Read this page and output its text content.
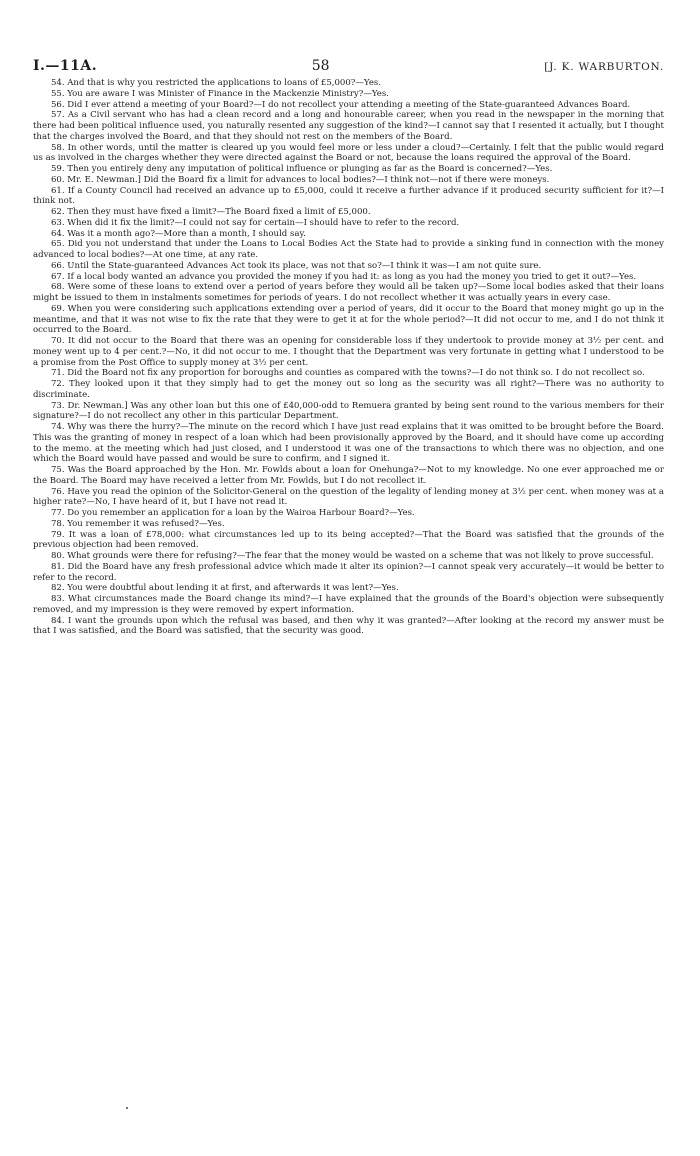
I.—11A.	58	[J. K. WARBURTON.

54. And that is why you restricted the applications to loans of £5,000?—Yes.

55. You are aware I was Minister of Finance in the Mackenzie Ministry?—Yes.

56. Did I ever attend a meeting of your Board?—I do not recollect your attending a meeting of the State-guaranteed Advances Board.

57. As a Civil servant who has had a clean record and a long and honourable career, when you read in the newspaper in the morning that there had been political influence used, you naturally resented any suggestion of the kind?—I cannot say that I resented it actually, but I thought that the charges involved the Board, and that they should not rest on the members of the Board.

58. In other words, until the matter is cleared up you would feel more or less under a cloud?—Certainly. I felt that the public would regard us as involved in the charges whether they were directed against the Board or not, because the loans required the approval of the Board.

59. Then you entirely deny any imputation of political influence or plunging as far as the Board is concerned?—Yes.

60. Mr. E. Newman.] Did the Board fix a limit for advances to local bodies?—I think not—not if there were moneys.

61. If a County Council had received an advance up to £5,000, could it receive a further advance if it produced security sufficient for it?—I think not.

62. Then they must have fixed a limit?—The Board fixed a limit of £5,000.

63. When did it fix the limit?—I could not say for certain—I should have to refer to the record.

64. Was it a month ago?—More than a month, I should say.

65. Did you not understand that under the Loans to Local Bodies Act the State had to provide a sinking fund in connection with the money advanced to local bodies?—At one time, at any rate.

66. Until the State-guaranteed Advances Act took its place, was not that so?—I think it was—I am not quite sure.

67. If a local body wanted an advance you provided the money if you had it: as long as you had the money you tried to get it out?—Yes.

68. Were some of these loans to extend over a period of years before they would all be taken up?—Some local bodies asked that their loans might be issued to them in instalments sometimes for periods of years. I do not recollect whether it was actually years in every case.

69. When you were considering such applications extending over a period of years, did it occur to the Board that money might go up in the meantime, and that it was not wise to fix the rate that they were to get it at for the whole period?—It did not occur to me, and I do not think it occurred to the Board.

70. It did not occur to the Board that there was an opening for considerable loss if they undertook to provide money at 3½ per cent. and money went up to 4 per cent.?—No, it did not occur to me. I thought that the Department was very fortunate in getting what I understood to be a promise from the Post Office to supply money at 3½ per cent.

71. Did the Board not fix any proportion for boroughs and counties as compared with the towns?—I do not think so. I do not recollect so.

72. They looked upon it that they simply had to get the money out so long as the security was all right?—There was no authority to discriminate.

73. Dr. Newman.] Was any other loan but this one of £40,000-odd to Remuera granted by being sent round to the various members for their signature?—I do not recollect any other in this particular Department.

74. Why was there the hurry?—The minute on the record which I have just read explains that it was omitted to be brought before the Board. This was the granting of money in respect of a loan which had been provisionally approved by the Board, and it should have come up according to the memo. at the meeting which had just closed, and I understood it was one of the transactions to which there was no objection, and one which the Board would have passed and would be sure to confirm, and I signed it.

75. Was the Board approached by the Hon. Mr. Fowlds about a loan for Onehunga?—Not to my knowledge. No one ever approached me or the Board. The Board may have received a letter from Mr. Fowlds, but I do not recollect it.

76. Have you read the opinion of the Solicitor-General on the question of the legality of lending money at 3½ per cent. when money was at a higher rate?—No, I have heard of it, but I have not read it.

77. Do you remember an application for a loan by the Wairoa Harbour Board?—Yes.

78. You remember it was refused?—Yes.

79. It was a loan of £78,000: what circumstances led up to its being accepted?—That the Board was satisfied that the grounds of the previous objection had been removed.

80. What grounds were there for refusing?—The fear that the money would be wasted on a scheme that was not likely to prove successful.

81. Did the Board have any fresh professional advice which made it alter its opinion?—I cannot speak very accurately—it would be better to refer to the record.

82. You were doubtful about lending it at first, and afterwards it was lent?—Yes.

83. What circumstances made the Board change its mind?—I have explained that the grounds of the Board's objection were subsequently removed, and my impression is they were removed by expert information.

84. I want the grounds upon which the refusal was based, and then why it was granted?—After looking at the record my answer must be that I was satisfied, and the Board was satisfied, that the security was good.
